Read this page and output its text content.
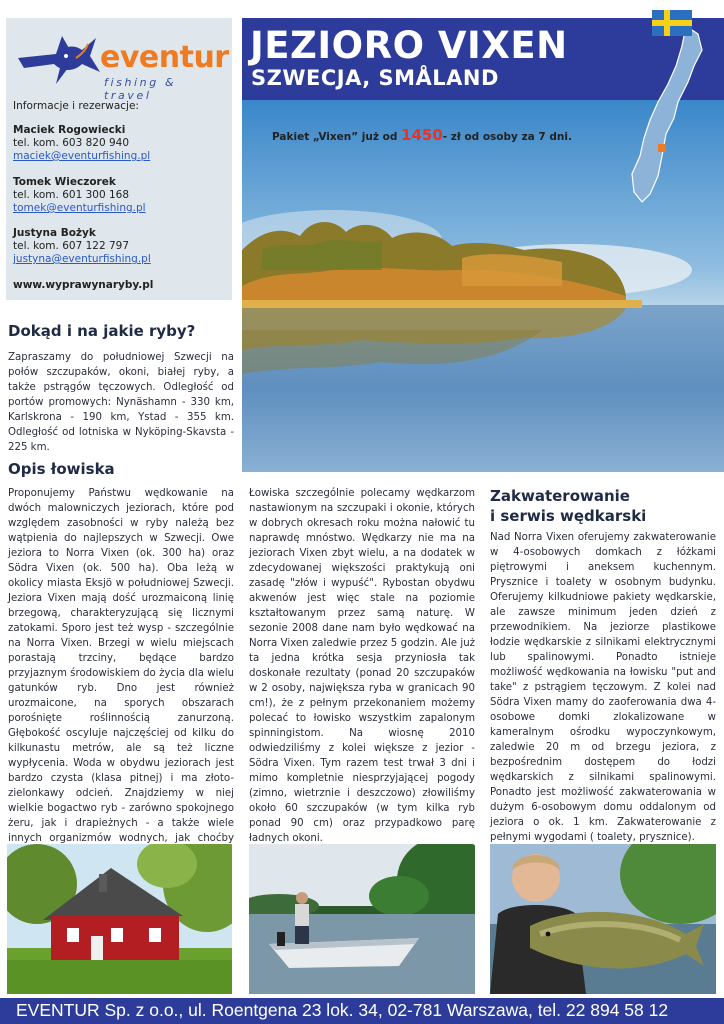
eventur
fishing & travel
Informacje i rezerwacje:
Maciek Rogowiecki
tel. kom. 603 820 940
maciek@eventurfishing.pl
Tomek Wieczorek
tel. kom. 601 300 168
tomek@eventurfishing.pl
Justyna Bożyk
tel. kom. 607 122 797
justyna@eventurfishing.pl
www.wyprawynaryby.pl
JEZIORO VIXEN
SZWECJA, SMÅLAND
Pakiet „Vixen” już od 1450- zł od osoby za 7 dni.
Dokąd i na jakie ryby?

Zapraszamy do południowej Szwecji na połów szczupaków, okoni, białej ryby, a także pstrągów tęczowych. Odległość od portów promowych: Nynäshamn - 330 km, Karlskrona - 190 km, Ystad - 355 km. Odległość od lotniska w Nyköping-Skavsta - 225 km.

Opis łowiska

Proponujemy Państwu wędkowanie na dwóch malowniczych jeziorach, które pod względem zasobności w ryby należą bez wątpienia do najlepszych w Szwecji. Owe jeziora to Norra Vixen (ok. 300 ha) oraz Södra Vixen (ok. 500 ha). Oba leżą w okolicy miasta Eksjö w południowej Szwecji. Jeziora Vixen mają dość urozmaiconą linię brzegową, charakteryzującą się licznymi zatokami. Sporo jest też wysp - szczególnie na Norra Vixen. Brzegi w wielu miejscach porastają trzciny, będące bardzo przyjaznym środowiskiem do życia dla wielu gatunków ryb. Dno jest również urozmaicone, na sporych obszarach porośnięte roślinnością zanurzoną. Głębokość oscyluje najczęściej od kilku do kilkunastu metrów, ale są też liczne wypłycenia. Woda w obydwu jeziorach jest bardzo czysta (klasa pitnej) i ma złoto-zielonkawy odcień. Znajdziemy w niej wielkie bogactwo ryb - zarówno spokojnego żeru, jak i drapieżnych - a także wiele innych organizmów wodnych, jak choćby

Łowiska szczególnie polecamy wędkarzom nastawionym na szczupaki i okonie, których w dobrych okresach roku można nałowić tu naprawdę mnóstwo. Wędkarzy nie ma na jeziorach Vixen zbyt wielu, a na dodatek w zdecydowanej większości praktykują oni zasadę "złów i wypuść". Rybostan obydwu akwenów jest więc stale na poziomie kształtowanym przez samą naturę. W sezonie 2008 dane nam było wędkować na Norra Vixen zaledwie przez 5 godzin. Ale już ta jedna krótka sesja przyniosła tak doskonałe rezultaty (ponad 20 szczupaków w 2 osoby, największa ryba w granicach 90 cm!), że z pełnym przekonaniem możemy polecać to łowisko wszystkim zapalonym spinningistom. Na wiosnę 2010 odwiedziliśmy z kolei większe z jezior - Södra Vixen. Tym razem test trwał 3 dni i mimo kompletnie niesprzyjającej pogody (zimno, wietrznie i deszczowo) złowiliśmy około 60 szczupaków (w tym kilka ryb ponad 90 cm) oraz przypadkowo parę ładnych okoni.

Zakwaterowanie
i serwis wędkarski

Nad Norra Vixen oferujemy zakwaterowanie w 4-osobowych domkach z łóżkami piętrowymi i aneksem kuchennym. Prysznice i toalety w osobnym budynku. Oferujemy kilkudniowe pakiety wędkarskie, ale zawsze minimum jeden dzień z przewodnikiem. Na jeziorze plastikowe łodzie wędkarskie z silnikami elektrycznymi lub spalinowymi. Ponadto istnieje możliwość wędkowania na łowisku "put and take" z pstrągiem tęczowym. Z kolei nad Södra Vixen mamy do zaoferowania dwa 4-osobowe domki zlokalizowane w kameralnym ośrodku wypoczynkowym, zaledwie 20 m od brzegu jeziora, z bezpośrednim dostępem do łodzi wędkarskich z silnikami spalinowymi. Ponadto jest możliwość zakwaterowania w dużym 6-osobowym domu oddalonym od jeziora o ok. 1 km. Zakwaterowanie z pełnymi wygodami ( toalety, prysznice).

EVENTUR Sp. z o.o., ul. Roentgena 23 lok. 34, 02-781 Warszawa, tel. 22 894 58 12
